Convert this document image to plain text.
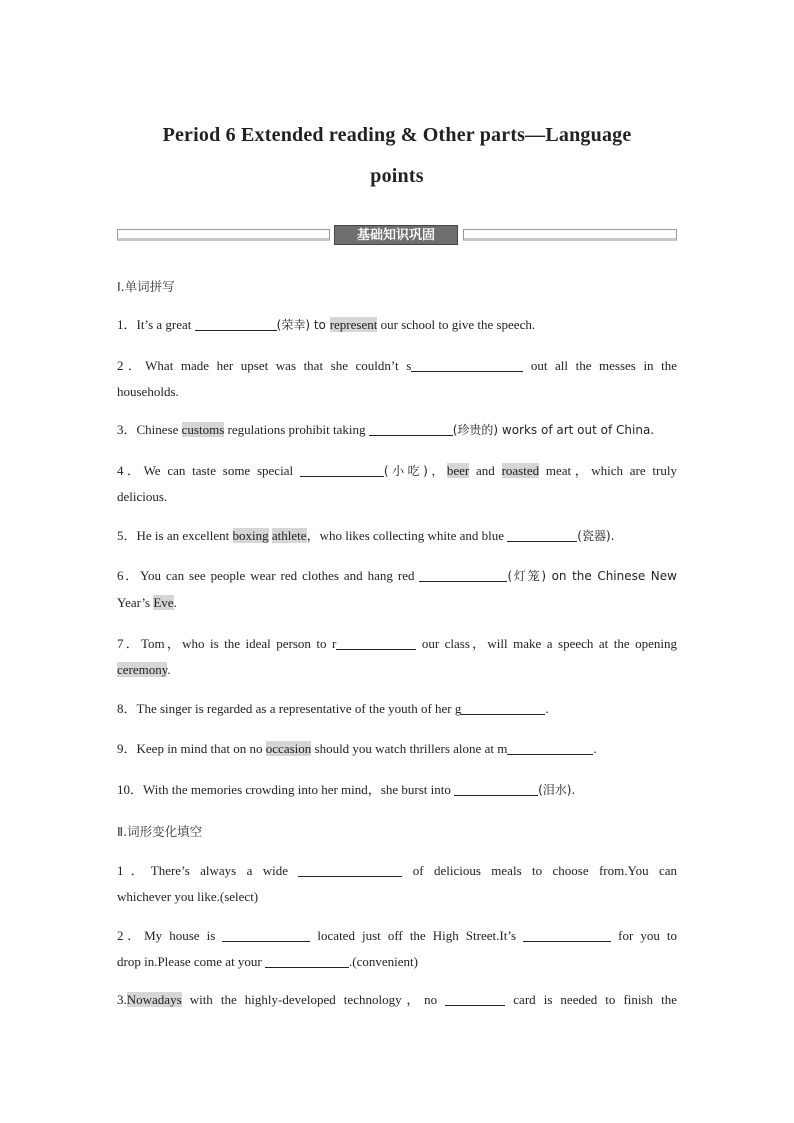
Period 6 Extended reading & Other parts—Language
points
基础知识巩固
Ⅰ.单词拼写
1．It’s a great	(荣幸) to represent our school to give the speech.
2．What made her upset was that she couldn’t s	out all the messes in the
households.
3．Chinese customs regulations prohibit taking	(珍贵的) works of art out of China.
4．We can taste some special	(小吃)，beer and roasted meat，which are truly
delicious.
5．He is an excellent boxing athlete，who likes collecting white and blue	(瓷器).
6．You can see people wear red clothes and hang red	(灯笼) on the Chinese New
Year’s Eve.
7．Tom，who is the ideal person to r	our class，will make a speech at the opening
ceremony.
8．The singer is regarded as a representative of the youth of her g	.
9．Keep in mind that on no occasion should you watch thrillers alone at m	.
10．With the memories crowding into her mind，she burst into	(泪水).
Ⅱ.词形变化填空
1．There’s always a wide	of delicious meals to choose from.You can
whichever you like.(select)
2．My house is	located just off the High Street.It’s	for you to
drop in.Please come at your	.(convenient)
3.Nowadays with the highly-developed technology，no	card is needed to finish the
